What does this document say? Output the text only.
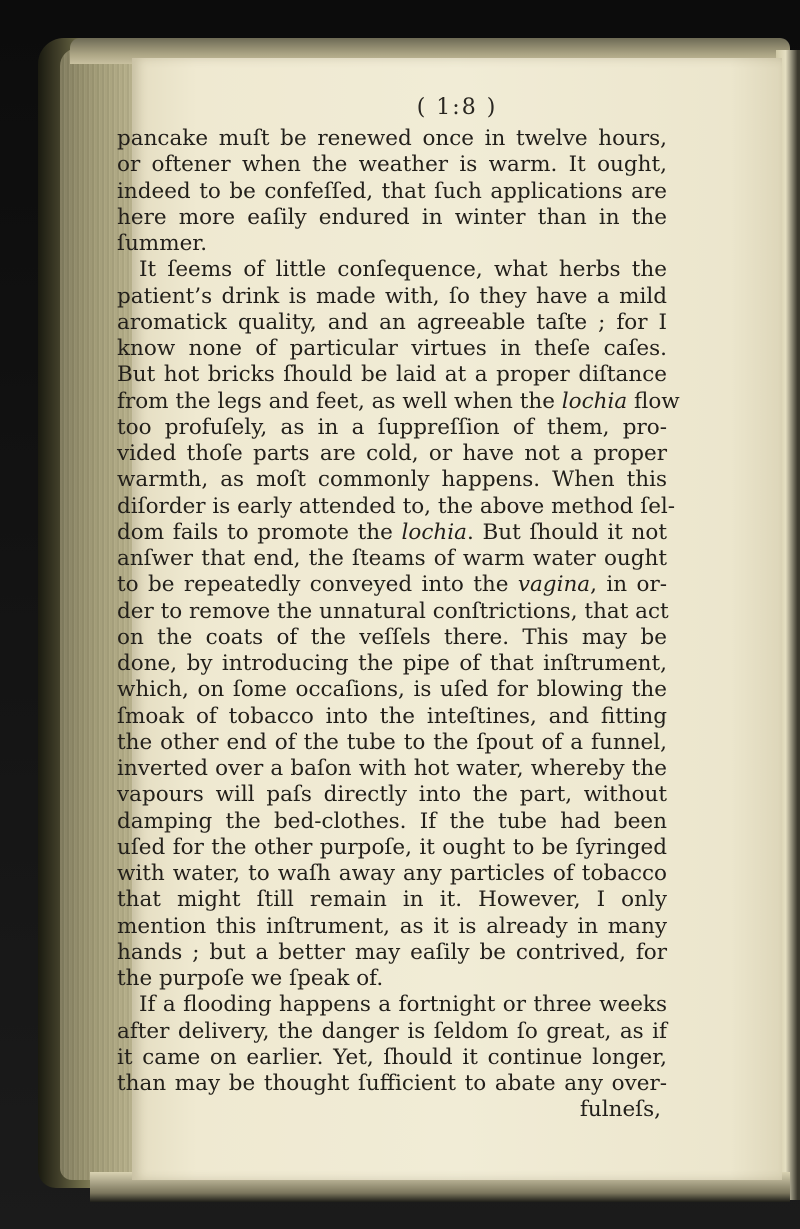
( 1:8 )
pancake muſt be renewed once in twelve hours,
or oftener when the weather is warm. It ought,
indeed to be confeſſed, that ſuch applications are
here more eaſily endured in winter than in the
ſummer.
It ſeems of little conſequence, what herbs the
patient’s drink is made with, ſo they have a mild
aromatick quality, and an agreeable taſte ; for I
know none of particular virtues in theſe caſes.
But hot bricks ſhould be laid at a proper diſtance
from the legs and feet, as well when the lochia flow
too profuſely, as in a ſuppreſſion of them, pro-
vided thoſe parts are cold, or have not a proper
warmth, as moſt commonly happens. When this
diſorder is early attended to, the above method ſel-
dom fails to promote the lochia. But ſhould it not
anſwer that end, the ſteams of warm water ought
to be repeatedly conveyed into the vagina, in or-
der to remove the unnatural conſtrictions, that act
on the coats of the veſſels there. This may be
done, by introducing the pipe of that inſtrument,
which, on ſome occaſions, is uſed for blowing the
ſmoak of tobacco into the inteſtines, and fitting
the other end of the tube to the ſpout of a funnel,
inverted over a baſon with hot water, whereby the
vapours will paſs directly into the part, without
damping the bed-clothes. If the tube had been
uſed for the other purpoſe, it ought to be ſyringed
with water, to waſh away any particles of tobacco
that might ſtill remain in it. However, I only
mention this inſtrument, as it is already in many
hands ; but a better may eaſily be contrived, for
the purpoſe we ſpeak of.
If a flooding happens a fortnight or three weeks
after delivery, the danger is ſeldom ſo great, as if
it came on earlier. Yet, ſhould it continue longer,
than may be thought ſufficient to abate any over-
fulneſs,
